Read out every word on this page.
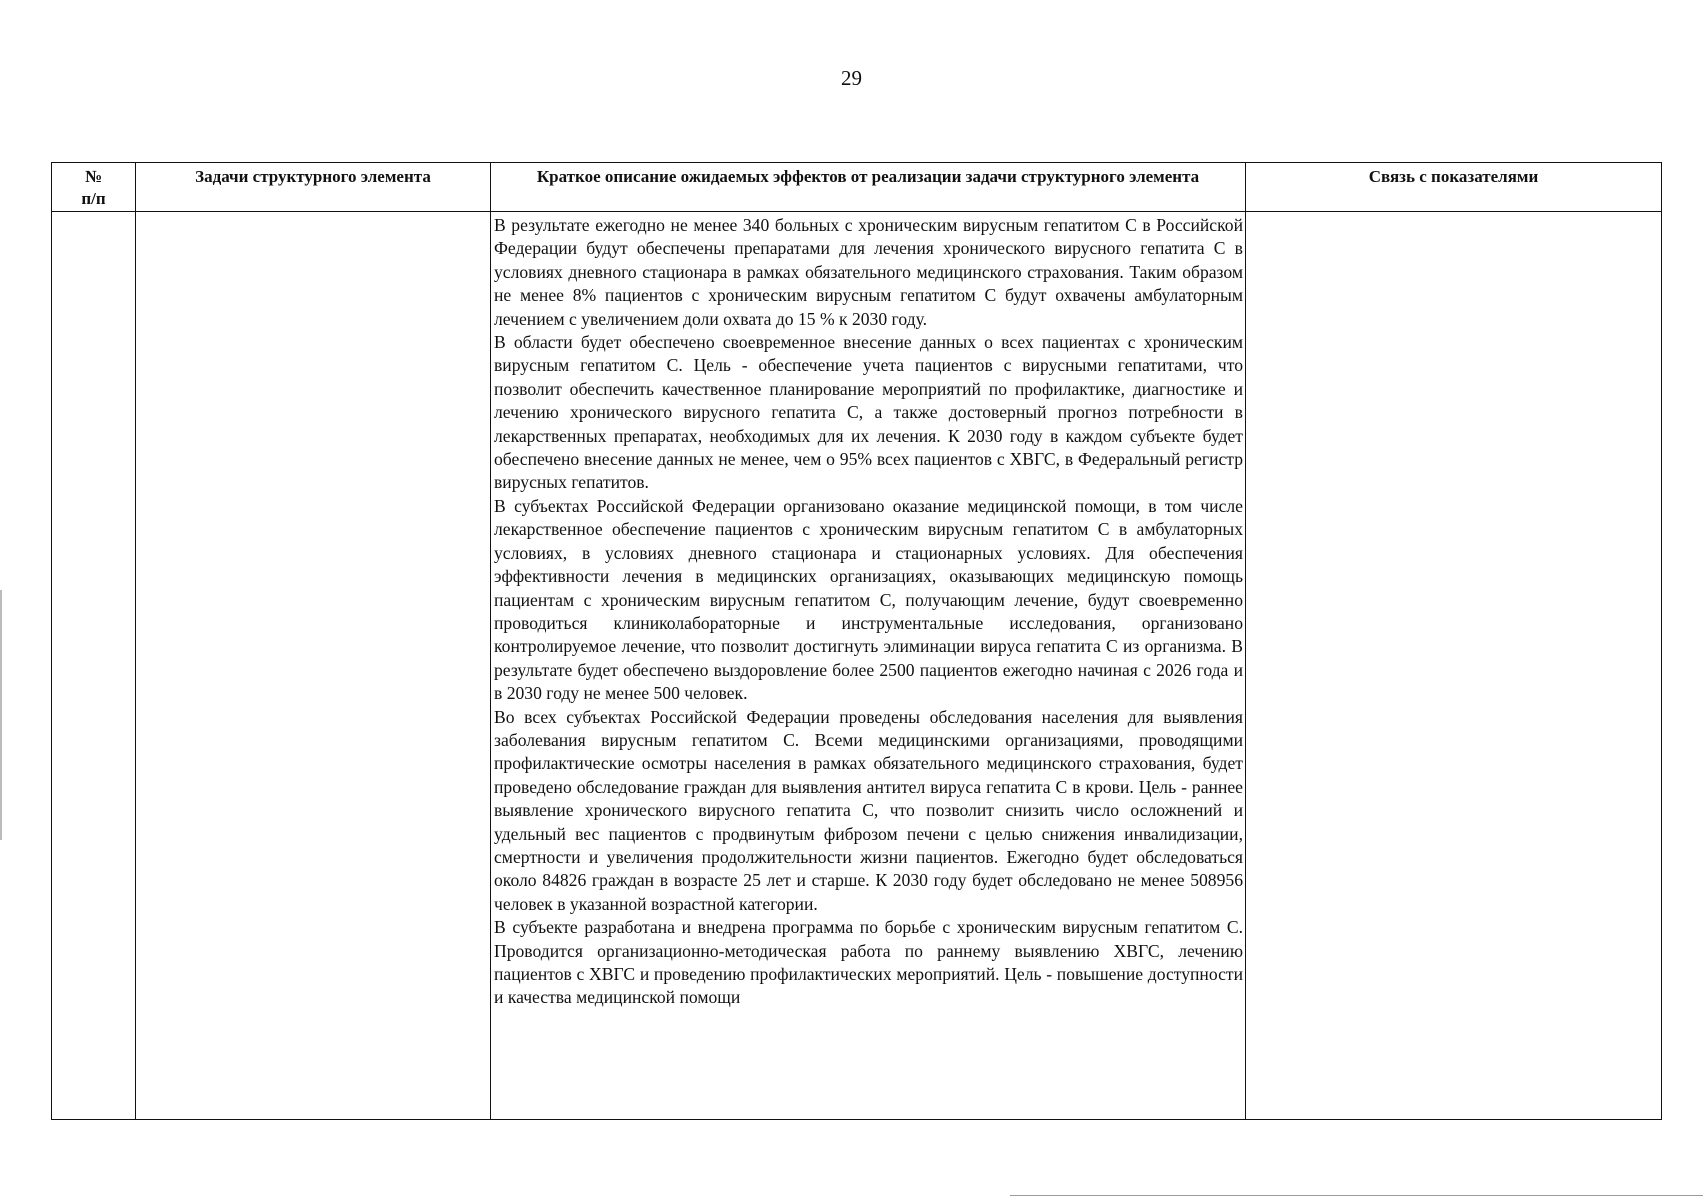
29
№
п/п	Задачи структурного элемента	Краткое описание ожидаемых эффектов от реализации задачи структурного элемента	Связь с показателями

		В результате ежегодно не менее 340 больных с хроническим вирусным гепатитом С в Российской Федерации будут обеспечены препаратами для лечения хронического вирусного гепатита С в условиях дневного стационара в рамках обязательного медицинского страхования. Таким образом не менее 8% пациентов с хроническим вирусным гепатитом С будут охвачены амбулаторным лечением с увеличением доли охвата до 15 % к 2030 году.

В области будет обеспечено своевременное внесение данных о всех пациентах с хроническим вирусным гепатитом С. Цель - обеспечение учета пациентов с вирусными гепатитами, что позволит обеспечить качественное планирование мероприятий по профилактике, диагностике и лечению хронического вирусного гепатита С, а также достоверный прогноз потребности в лекарственных препаратах, необходимых для их лечения. К 2030 году в каждом субъекте будет обеспечено внесение данных не менее, чем о 95% всех пациентов с ХВГС, в Федеральный регистр вирусных гепатитов.

В субъектах Российской Федерации организовано оказание медицинской помощи, в том числе лекарственное обеспечение пациентов с хроническим вирусным гепатитом С в амбулаторных условиях, в условиях дневного стационара и стационарных условиях. Для обеспечения эффективности лечения в медицинских организациях, оказывающих медицинскую помощь пациентам с хроническим вирусным гепатитом С, получающим лечение, будут своевременно проводиться клиниколабораторные и инструментальные исследования, организовано контролируемое лечение, что позволит достигнуть элиминации вируса гепатита С из организма. В результате будет обеспечено выздоровление более 2500 пациентов ежегодно начиная с 2026 года и в 2030 году не менее 500 человек.

Во всех субъектах Российской Федерации проведены обследования населения для выявления заболевания вирусным гепатитом С. Всеми медицинскими организациями, проводящими профилактические осмотры населения в рамках обязательного медицинского страхования, будет проведено обследование граждан для выявления антител вируса гепатита С в крови. Цель - раннее выявление хронического вирусного гепатита С, что позволит снизить число осложнений и удельный вес пациентов с продвинутым фиброзом печени с целью снижения инвалидизации, смертности и увеличения продолжительности жизни пациентов. Ежегодно будет обследоваться около 84826 граждан в возрасте 25 лет и старше. К 2030 году будет обследовано не менее 508956 человек в указанной возрастной категории.

В субъекте разработана и внедрена программа по борьбе с хроническим вирусным гепатитом С. Проводится организационно-методическая работа по раннему выявлению ХВГС, лечению пациентов с ХВГС и проведению профилактических мероприятий. Цель - повышение доступности и качества медицинской помощи	
